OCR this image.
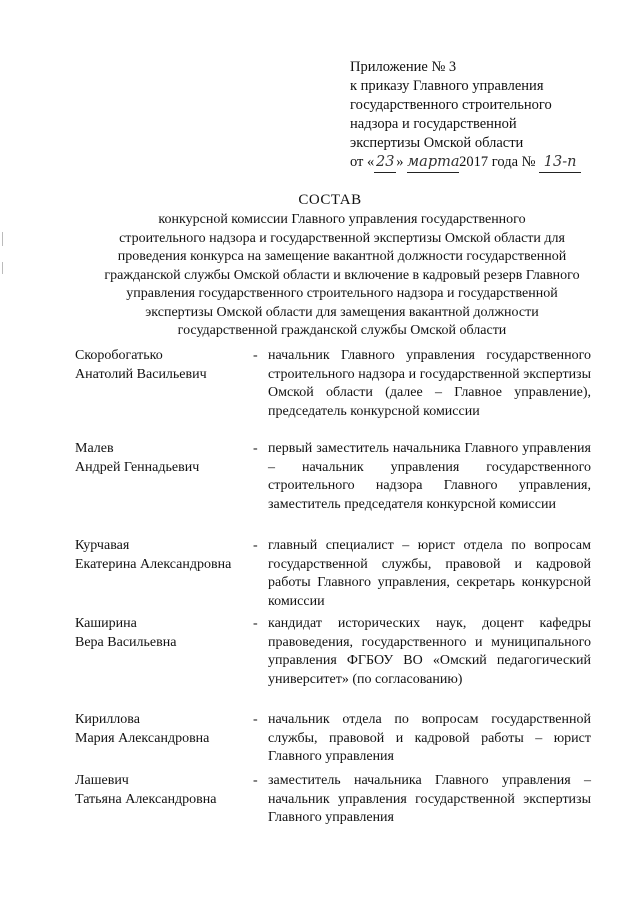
Приложение № 3
к приказу Главного управления
государственного строительного
надзора и государственной
экспертизы Омской области
от « 23 » марта2017 года № 13-п
СОСТАВ
конкурсной комиссии Главного управления государственного
строительного надзора и государственной экспертизы Омской области для
проведения конкурса на замещение вакантной должности государственной
гражданской службы Омской области и включение в кадровый резерв Главного
управления государственного строительного надзора и государственной
экспертизы Омской области для замещения вакантной должности
государственной гражданской службы Омской области
Скоробогатько
Анатолий Васильевич
- начальник Главного управления государственного строительного надзора и государственной экспертизы Омской области (далее – Главное управление), председатель конкурсной комиссии
Малев
Андрей Геннадьевич
- первый заместитель начальника Главного управления – начальник управления государственного строительного надзора Главного управления, заместитель председателя конкурсной комиссии
Курчавая
Екатерина Александровна
- главный специалист – юрист отдела по вопросам государственной службы, правовой и кадровой работы Главного управления, секретарь конкурсной комиссии
Каширина
Вера Васильевна
- кандидат исторических наук, доцент кафедры правоведения, государственного и муниципального управления ФГБОУ ВО «Омский педагогический университет» (по согласованию)
Кириллова
Мария Александровна
- начальник отдела по вопросам государственной службы, правовой и кадровой работы – юрист Главного управления
Лашевич
Татьяна Александровна
- заместитель начальника Главного управления – начальник управления государственной экспертизы Главного управления
